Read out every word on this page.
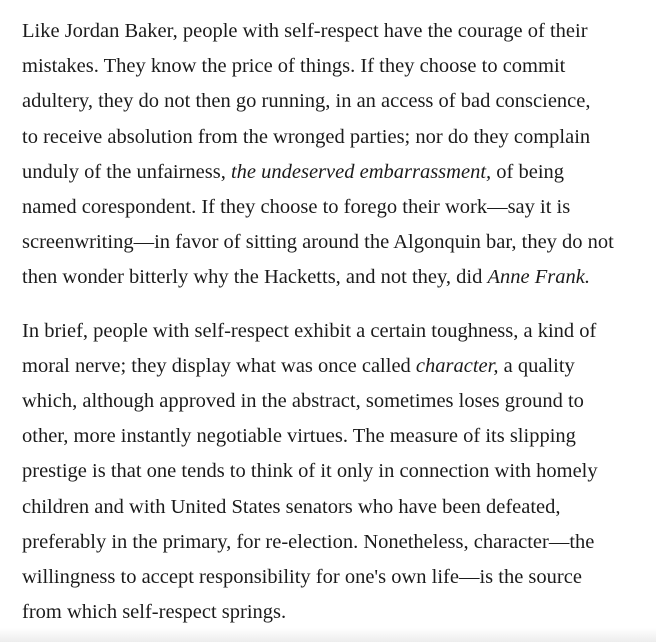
Like Jordan Baker, people with self-respect have the courage of their
mistakes. They know the price of things. If they choose to commit
adultery, they do not then go running, in an access of bad conscience,
to receive absolution from the wronged parties; nor do they complain
unduly of the unfairness, the undeserved embarrassment, of being
named corespondent. If they choose to forego their work—say it is
screenwriting—in favor of sitting around the Algonquin bar, they do not
then wonder bitterly why the Hacketts, and not they, did Anne Frank.

In brief, people with self-respect exhibit a certain toughness, a kind of
moral nerve; they display what was once called character, a quality
which, although approved in the abstract, sometimes loses ground to
other, more instantly negotiable virtues. The measure of its slipping
prestige is that one tends to think of it only in connection with homely
children and with United States senators who have been defeated,
preferably in the primary, for re-election. Nonetheless, character—the
willingness to accept responsibility for one's own life—is the source
from which self-respect springs.
